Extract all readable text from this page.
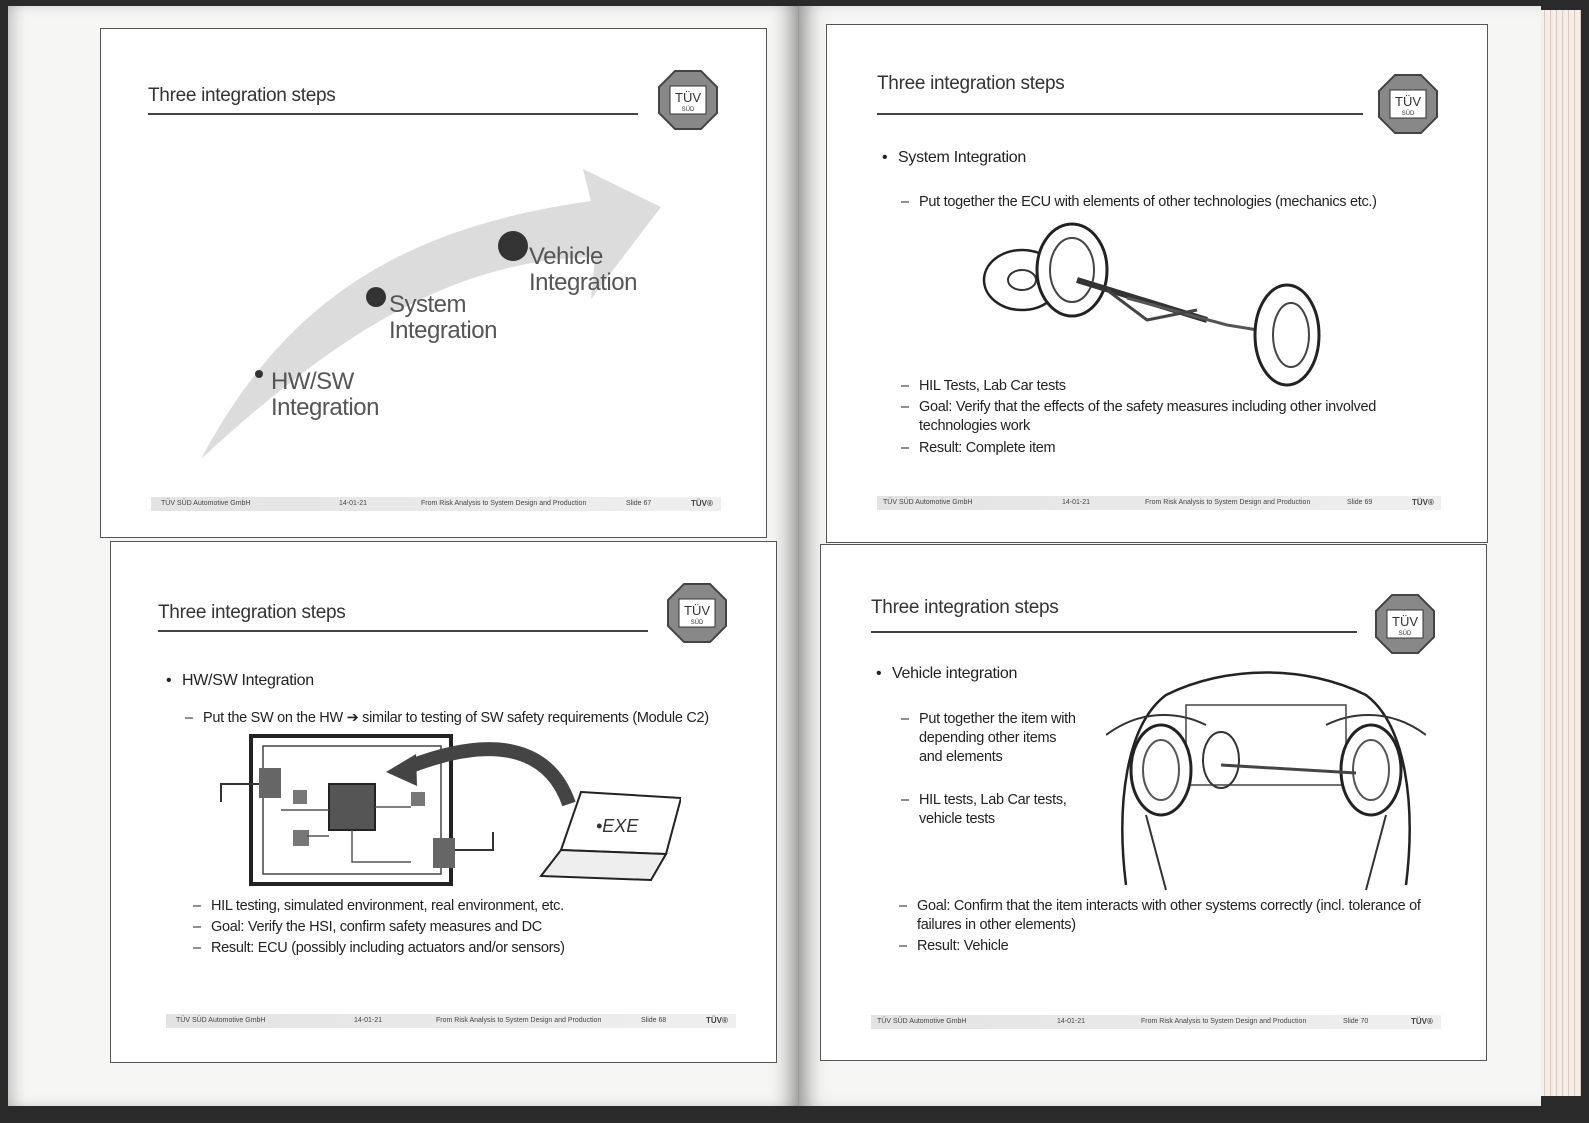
Three integration steps	TÜV
SÜD
HW/SW
Integration
System
Integration
Vehicle
Integration
TÜV SÜD Automotive GmbH	14-01-21	From Risk Analysis to System Design and Production	Slide 67	TÜV®
Three integration steps	TÜV
SÜD
• HW/SW Integration
– Put the SW on the HW ➔ similar to testing of SW safety requirements (Module C2)
•EXE
– HIL testing, simulated environment, real environment, etc.
– Goal: Verify the HSI, confirm safety measures and DC
– Result: ECU (possibly including actuators and/or sensors)
TÜV SÜD Automotive GmbH	14-01-21	From Risk Analysis to System Design and Production	Slide 68	TÜV®
Three integration steps
TÜV
SÜD
• System Integration
– Put together the ECU with elements of other technologies (mechanics etc.)
– HIL Tests, Lab Car tests
– Goal: Verify that the effects of the safety measures including other involved technologies work
– Result: Complete item
TÜV SÜD Automotive GmbH	14-01-21	From Risk Analysis to System Design and Production	Slide 69	TÜV®
Three integration steps
TÜV
SÜD
• Vehicle integration
– Put together the item with depending other items and elements
– HIL tests, Lab Car tests, vehicle tests
– Goal: Confirm that the item interacts with other systems correctly (incl. tolerance of failures in other elements)
– Result: Vehicle
TÜV SÜD Automotive GmbH	14-01-21	From Risk Analysis to System Design and Production	Slide 70	TÜV®
